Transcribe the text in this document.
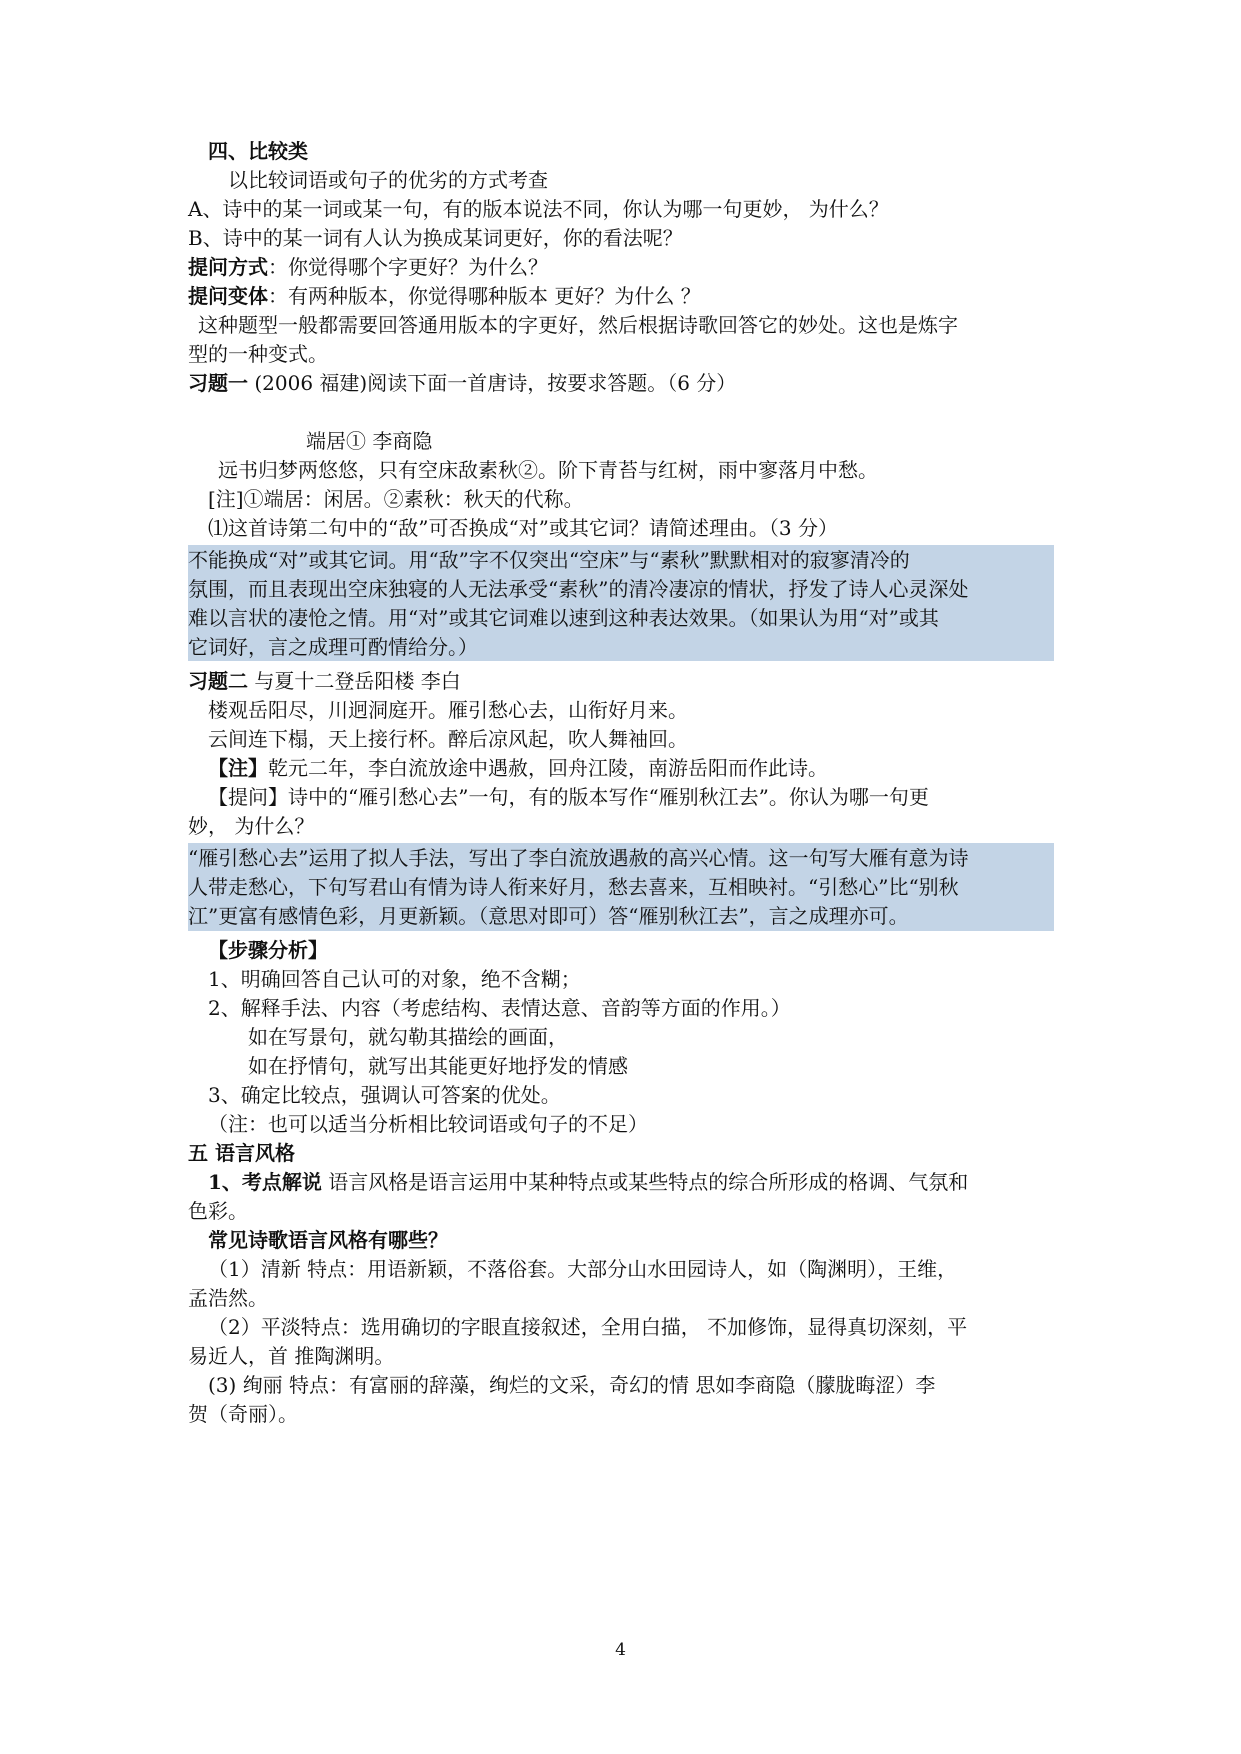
四、比较类
以比较词语或句子的优劣的方式考查
A、诗中的某一词或某一句，有的版本说法不同，你认为哪一句更妙， 为什么？
B、诗中的某一词有人认为换成某词更好，你的看法呢？
提问方式：你觉得哪个字更好？为什么？
提问变体：有两种版本，你觉得哪种版本 更好？为什么 ？
这种题型一般都需要回答通用版本的字更好，然后根据诗歌回答它的妙处。这也是炼字
型的一种变式。
习题一 (2006 福建)阅读下面一首唐诗，按要求答题。（6 分）
端居① 李商隐
远书归梦两悠悠，只有空床敌素秋②。阶下青苔与红树，雨中寥落月中愁。
[注]①端居：闲居。②素秋：秋天的代称。
⑴这首诗第二句中的“敌”可否换成“对”或其它词？请简述理由。（3 分）
不能换成“对”或其它词。用“敌”字不仅突出“空床”与“素秋”默默相对的寂寥清冷的
氛围，而且表现出空床独寝的人无法承受“素秋”的清冷凄凉的情状，抒发了诗人心灵深处
难以言状的凄怆之情。用“对”或其它词难以速到这种表达效果。（如果认为用“对”或其
它词好，言之成理可酌情给分。）
习题二 与夏十二登岳阳楼 李白
楼观岳阳尽，川迥洞庭开。雁引愁心去，山衔好月来。
云间连下榻，天上接行杯。醉后凉风起，吹人舞袖回。
【注】乾元二年，李白流放途中遇赦，回舟江陵，南游岳阳而作此诗。
【提问】诗中的“雁引愁心去”一句，有的版本写作“雁别秋江去”。你认为哪一句更
妙， 为什么？
“雁引愁心去”运用了拟人手法，写出了李白流放遇赦的高兴心情。这一句写大雁有意为诗
人带走愁心，下句写君山有情为诗人衔来好月，愁去喜来，互相映衬。“引愁心”比“别秋
江”更富有感情色彩，月更新颖。（意思对即可）答“雁别秋江去”，言之成理亦可。
【步骤分析】
1、明确回答自己认可的对象，绝不含糊；
2、解释手法、内容（考虑结构、表情达意、音韵等方面的作用。）
如在写景句，就勾勒其描绘的画面，
如在抒情句，就写出其能更好地抒发的情感
3、确定比较点，强调认可答案的优处。
（注：也可以适当分析相比较词语或句子的不足）
五 语言风格
1、考点解说 语言风格是语言运用中某种特点或某些特点的综合所形成的格调、气氛和
色彩。
常见诗歌语言风格有哪些？
（1）清新 特点：用语新颖，不落俗套。大部分山水田园诗人，如（陶渊明），王维，
孟浩然。
（2）平淡特点：选用确切的字眼直接叙述，全用白描， 不加修饰，显得真切深刻，平
易近人，首 推陶渊明。
(3) 绚丽 特点：有富丽的辞藻，绚烂的文采，奇幻的情 思如李商隐（朦胧晦涩）李
贺（奇丽）。
4
